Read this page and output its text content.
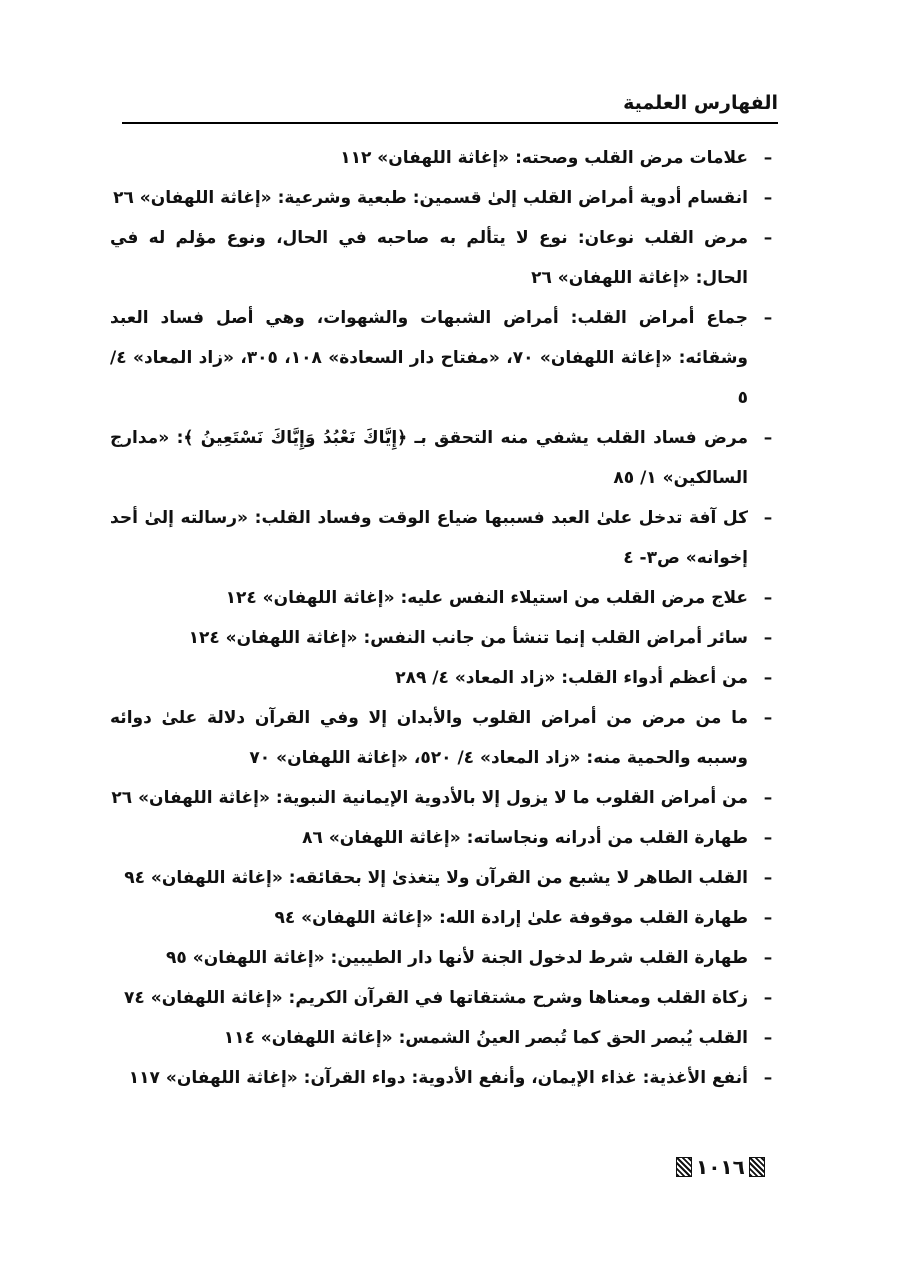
الفهارس العلمية
–
علامات مرض القلب وصحته: «إغاثة اللهفان» ١١٢
–
انقسام أدوية أمراض القلب إلىٰ قسمين: طبعية وشرعية: «إغاثة اللهفان» ٢٦
–
مرض القلب نوعان: نوع لا يتألم به صاحبه في الحال، ونوع مؤلم له في الحال: «إغاثة اللهفان» ٢٦
–
جماع أمراض القلب: أمراض الشبهات والشهوات، وهي أصل فساد العبد وشقائه: «إغاثة اللهفان» ٧٠، «مفتاح دار السعادة» ١٠٨، ٣٠٥، «زاد المعاد» ٤/ ٥
–
مرض فساد القلب يشفي منه التحقق بـ ﴿إِيَّاكَ نَعْبُدُ وَإِيَّاكَ نَسْتَعِينُ ﴾: «مدارج السالكين» ١/ ٨٥
–
كل آفة تدخل علىٰ العبد فسببها ضياع الوقت وفساد القلب: «رسالته إلىٰ أحد إخوانه» ص٣- ٤
–
علاج مرض القلب من استيلاء النفس عليه: «إغاثة اللهفان» ١٢٤
–
سائر أمراض القلب إنما تنشأ من جانب النفس: «إغاثة اللهفان» ١٢٤
–
من أعظم أدواء القلب: «زاد المعاد» ٤/ ٢٨٩
–
ما من مرض من أمراض القلوب والأبدان إلا وفي القرآن دلالة علىٰ دوائه وسببه والحمية منه: «زاد المعاد» ٤/ ٥٢٠، «إغاثة اللهفان» ٧٠
–
من أمراض القلوب ما لا يزول إلا بالأدوية الإيمانية النبوية: «إغاثة اللهفان» ٢٦
–
طهارة القلب من أدرانه ونجاساته: «إغاثة اللهفان» ٨٦
–
القلب الطاهر لا يشبع من القرآن ولا يتغذىٰ إلا بحقائقه: «إغاثة اللهفان» ٩٤
–
طهارة القلب موقوفة علىٰ إرادة الله: «إغاثة اللهفان» ٩٤
–
طهارة القلب شرط لدخول الجنة لأنها دار الطيبين: «إغاثة اللهفان» ٩٥
–
زكاة القلب ومعناها وشرح مشتقاتها في القرآن الكريم: «إغاثة اللهفان» ٧٤
–
القلب يُبصر الحق كما تُبصر العينُ الشمس: «إغاثة اللهفان» ١١٤
–
أنفع الأغذية: غذاء الإيمان، وأنفع الأدوية: دواء القرآن: «إغاثة اللهفان» ١١٧
١٠١٦
